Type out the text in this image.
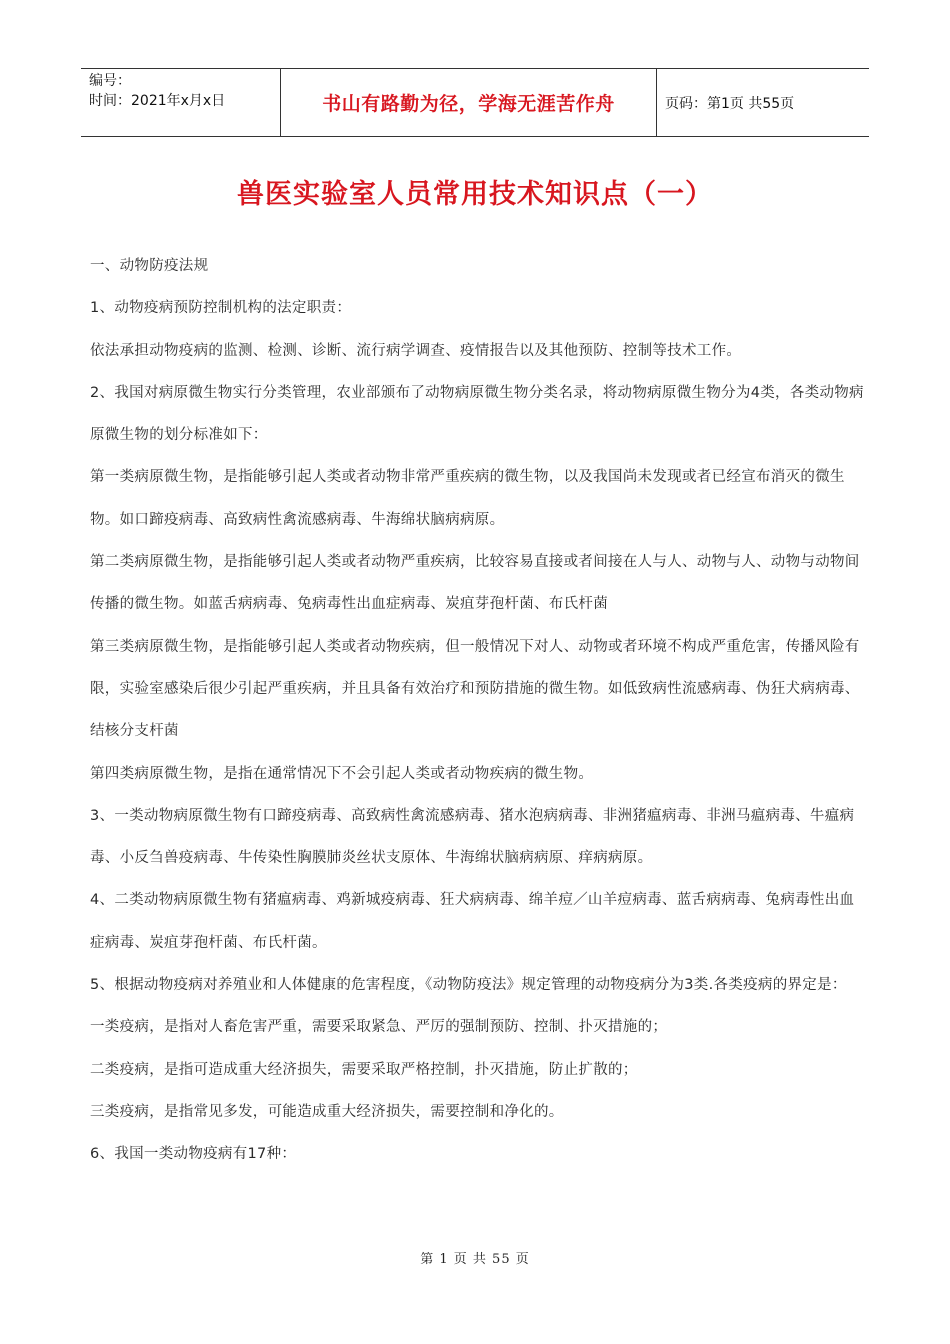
编号：
时间：2021年x月x日	书山有路勤为径，学海无涯苦作舟	页码：第1页 共55页
兽医实验室人员常用技术知识点（一）

一、动物防疫法规

1、动物疫病预防控制机构的法定职责：

依法承担动物疫病的监测、检测、诊断、流行病学调查、疫情报告以及其他预防、控制等技术工作。

2、我国对病原微生物实行分类管理，农业部颁布了动物病原微生物分类名录，将动物病原微生物分为4类，各类动物病原微生物的划分标准如下：

第一类病原微生物，是指能够引起人类或者动物非常严重疾病的微生物，以及我国尚未发现或者已经宣布消灭的微生物。如口蹄疫病毒、高致病性禽流感病毒、牛海绵状脑病病原。

第二类病原微生物，是指能够引起人类或者动物严重疾病，比较容易直接或者间接在人与人、动物与人、动物与动物间传播的微生物。如蓝舌病病毒、兔病毒性出血症病毒、炭疽芽孢杆菌、布氏杆菌

第三类病原微生物，是指能够引起人类或者动物疾病，但一般情况下对人、动物或者环境不构成严重危害，传播风险有限，实验室感染后很少引起严重疾病，并且具备有效治疗和预防措施的微生物。如低致病性流感病毒、伪狂犬病病毒、结核分支杆菌

第四类病原微生物，是指在通常情况下不会引起人类或者动物疾病的微生物。

3、一类动物病原微生物有口蹄疫病毒、高致病性禽流感病毒、猪水泡病病毒、非洲猪瘟病毒、非洲马瘟病毒、牛瘟病毒、小反刍兽疫病毒、牛传染性胸膜肺炎丝状支原体、牛海绵状脑病病原、痒病病原。

4、二类动物病原微生物有猪瘟病毒、鸡新城疫病毒、狂犬病病毒、绵羊痘／山羊痘病毒、蓝舌病病毒、兔病毒性出血症病毒、炭疽芽孢杆菌、布氏杆菌。

5、根据动物疫病对养殖业和人体健康的危害程度，《动物防疫法》规定管理的动物疫病分为3类.各类疫病的界定是：

一类疫病，是指对人畜危害严重，需要采取紧急、严厉的强制预防、控制、扑灭措施的；

二类疫病，是指可造成重大经济损失，需要采取严格控制，扑灭措施，防止扩散的；

三类疫病，是指常见多发，可能造成重大经济损失，需要控制和净化的。

6、我国一类动物疫病有17种：

第 1 页 共 55 页
